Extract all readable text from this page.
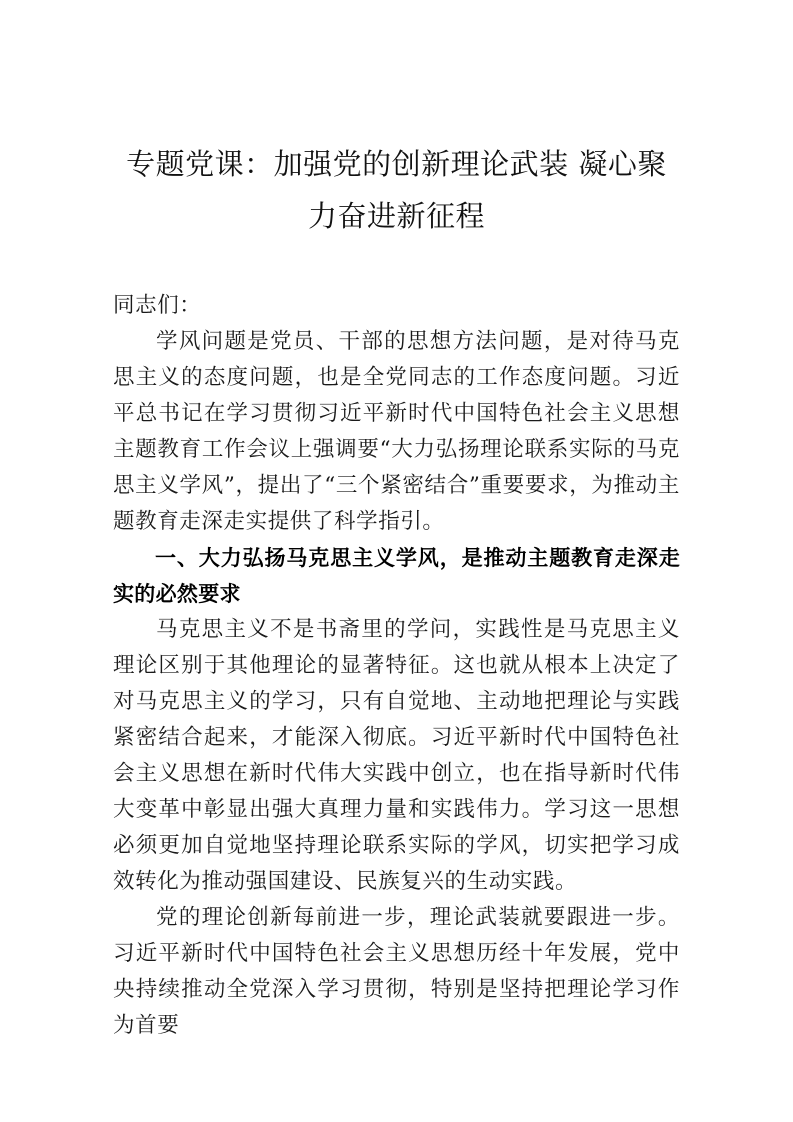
专题党课：加强党的创新理论武装 凝心聚
力奋进新征程

同志们：

学风问题是党员、干部的思想方法问题，是对待马克思主义的态度问题，也是全党同志的工作态度问题。习近平总书记在学习贯彻习近平新时代中国特色社会主义思想主题教育工作会议上强调要“大力弘扬理论联系实际的马克思主义学风”，提出了“三个紧密结合”重要要求，为推动主题教育走深走实提供了科学指引。

一、大力弘扬马克思主义学风，是推动主题教育走深走实的必然要求

马克思主义不是书斋里的学问，实践性是马克思主义理论区别于其他理论的显著特征。这也就从根本上决定了对马克思主义的学习，只有自觉地、主动地把理论与实践紧密结合起来，才能深入彻底。习近平新时代中国特色社会主义思想在新时代伟大实践中创立，也在指导新时代伟大变革中彰显出强大真理力量和实践伟力。学习这一思想必须更加自觉地坚持理论联系实际的学风，切实把学习成效转化为推动强国建设、民族复兴的生动实践。

党的理论创新每前进一步，理论武装就要跟进一步。习近平新时代中国特色社会主义思想历经十年发展，党中央持续推动全党深入学习贯彻，特别是坚持把理论学习作为首要
